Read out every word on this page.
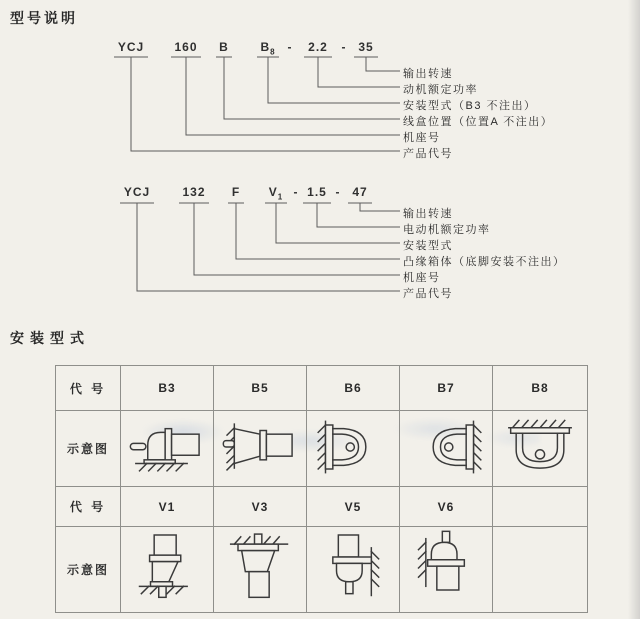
型号说明
YCJ	160 B	$B_8 - 2.2 - 35$
输出转速
动机额定功率
安装型式（B3 不注出）
线盒位置（位置A 不注出）
机座号
产品代号
YCJ	132 F $V_1 - 1.5 - 47$
输出转速
电动机额定功率
安装型式
凸缘箱体（底脚安装不注出）
机座号
产品代号
安装型式
代 号	B3	B5	B6	B7	B8
示意图					
代 号	V1	V3	V5	V6	
示意图					
